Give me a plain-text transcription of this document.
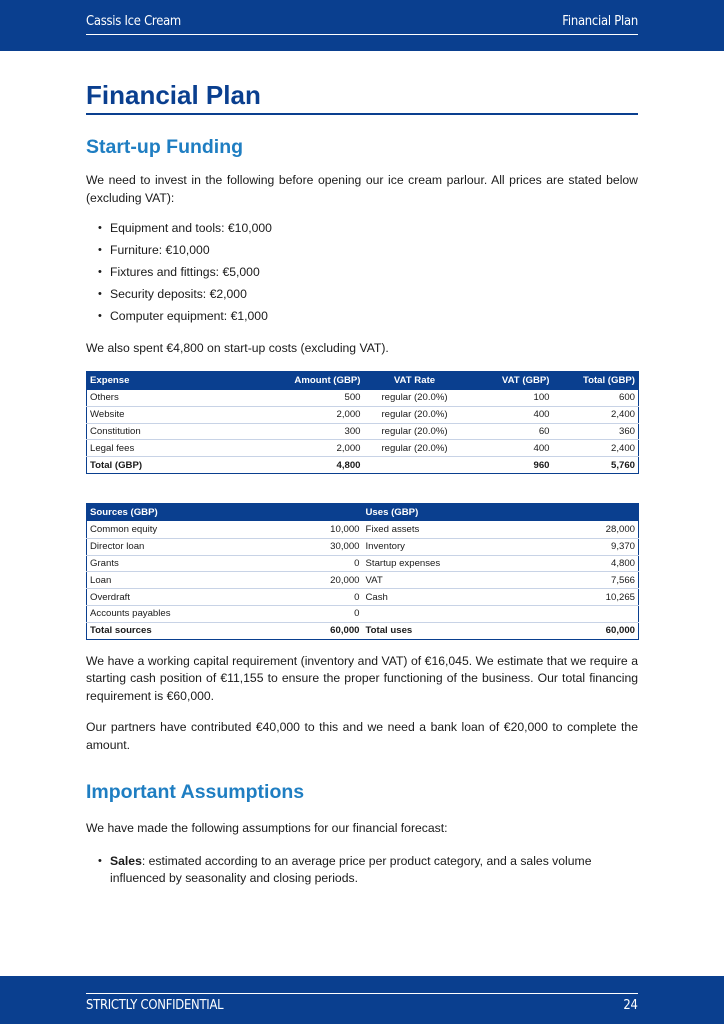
Cassis Ice Cream	Financial Plan
Financial Plan
Start-up Funding

We need to invest in the following before opening our ice cream parlour. All prices are stated below (excluding VAT):

• Equipment and tools: €10,000
• Furniture: €10,000
• Fixtures and fittings: €5,000
• Security deposits: €2,000
• Computer equipment: €1,000

We also spent €4,800 on start-up costs (excluding VAT).

Expense	Amount (GBP)	VAT Rate	VAT (GBP)	Total (GBP)
Others	500	regular (20.0%)	100	600
Website	2,000	regular (20.0%)	400	2,400
Constitution	300	regular (20.0%)	60	360
Legal fees	2,000	regular (20.0%)	400	2,400
Total (GBP)	4,800		960	5,760
Sources (GBP)		Uses (GBP)	
Common equity	10,000	Fixed assets	28,000
Director loan	30,000	Inventory	9,370
Grants	0	Startup expenses	4,800
Loan	20,000	VAT	7,566
Overdraft	0	Cash	10,265
Accounts payables	0		
Total sources	60,000	Total uses	60,000

We have a working capital requirement (inventory and VAT) of €16,045. We estimate that we require a starting cash position of €11,155 to ensure the proper functioning of the business. Our total financing requirement is €60,000.

Our partners have contributed €40,000 to this and we need a bank loan of €20,000 to complete the amount.

Important Assumptions

We have made the following assumptions for our financial forecast:

• Sales: estimated according to an average price per product category, and a sales volume influenced by seasonality and closing periods.
STRICTLY CONFIDENTIAL	24
